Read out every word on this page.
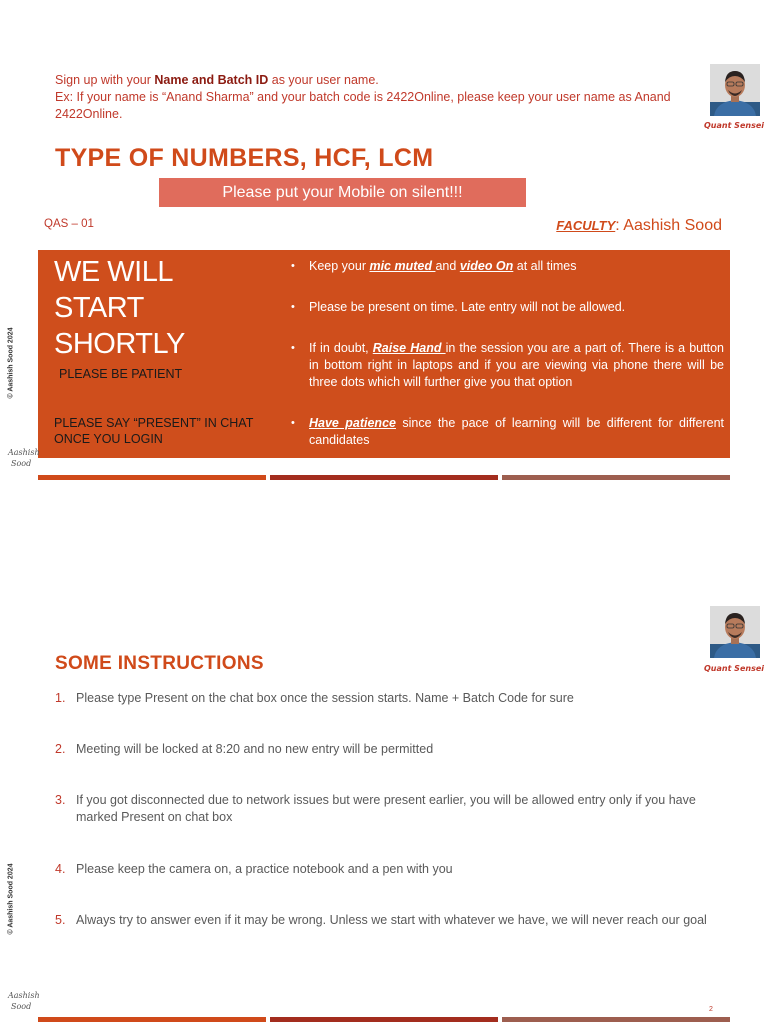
Sign up with your Name and Batch ID as your user name.
Ex: If your name is “Anand Sharma” and your batch code is 2422Online, please keep your user name as Anand 2422Online.
Quant Sensei
TYPE OF NUMBERS, HCF, LCM
Please put your Mobile on silent!!!
QAS – 01	FACULTY: Aashish Sood
WE WILL
START
SHORTLY
PLEASE BE PATIENT
PLEASE SAY “PRESENT” IN CHAT ONCE YOU LOGIN
• Keep your mic muted and video On at all times
• Please be present on time. Late entry will not be allowed.
• If in doubt, Raise Hand in the session you are a part of. There is a button in bottom right in laptops and if you are viewing via phone there will be three dots which will further give you that option
• Have patience since the pace of learning will be different for different candidates
© Aashish Sood 2024
Aashish
Sood
Quant Sensei
SOME INSTRUCTIONS
1. Please type Present on the chat box once the session starts. Name + Batch Code for sure
2. Meeting will be locked at 8:20 and no new entry will be permitted
3. If you got disconnected due to network issues but were present earlier, you will be allowed entry only if you have marked Present on chat box
4. Please keep the camera on, a practice notebook and a pen with you
5. Always try to answer even if it may be wrong. Unless we start with whatever we have, we will never reach our goal
© Aashish Sood 2024
Aashish
Sood	2
